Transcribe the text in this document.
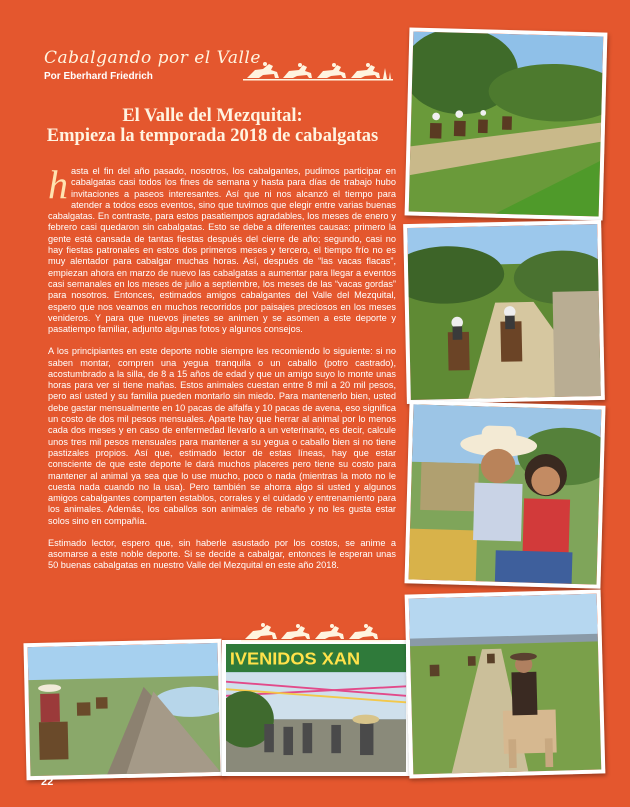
Cabalgando por el Valle
Por Eberhard Friedrich
El Valle del Mezquital:
Empieza la temporada 2018 de cabalgatas

hasta el fin del año pasado, nosotros, los cabalgantes, pudimos participar en cabalgatas casi todos los fines de semana y hasta para días de trabajo hubo invitaciones a paseos interesantes. Así que ni nos alcanzó el tiempo para atender a todos esos eventos, sino que tuvimos que elegir entre varias buenas cabalgatas. En contraste, para estos pasatiempos agradables, los meses de enero y febrero casi quedaron sin cabalgatas. Esto se debe a diferentes causas: primero la gente está cansada de tantas fiestas después del cierre de año; segundo, casi no hay fiestas patronales en estos dos primeros meses y tercero, el tiempo frío no es muy alentador para cabalgar muchas horas. Así, después de “las vacas flacas”, empiezan ahora en marzo de nuevo las cabalgatas a aumentar para llegar a eventos casi semanales en los meses de julio a septiembre, los meses de las “vacas gordas” para nosotros. Entonces, estimados amigos cabalgantes del Valle del Mezquital, espero que nos veamos en muchos recorridos por paisajes preciosos en los meses venideros. Y para que nuevos jinetes se animen y se asomen a este deporte y pasatiempo familiar, adjunto algunas fotos y algunos consejos.

A los principiantes en este deporte noble siempre les recomiendo lo siguiente: si no saben montar, compren una yegua tranquila o un caballo (potro castrado), acostumbrado a la silla, de 8 a 15 años de edad y que un amigo suyo lo monte unas horas para ver si tiene mañas. Estos animales cuestan entre 8 mil a 20 mil pesos, pero así usted y su familia pueden montarlo sin miedo. Para mantenerlo bien, usted debe gastar mensualmente en 10 pacas de alfalfa y 10 pacas de avena, eso significa un costo de dos mil pesos mensuales. Aparte hay que herrar al animal por lo menos cada dos meses y en caso de enfermedad llevarlo a un veterinario, es decir, calcule unos tres mil pesos mensuales para mantener a su yegua o caballo bien si no tiene pastizales propios. Así que, estimado lector de estas líneas, hay que estar consciente de que este deporte le dará muchos placeres pero tiene su costo para mantener al animal ya sea que lo use mucho, poco o nada (mientras la moto no le cuesta nada cuando no la usa). Pero también se ahorra algo si usted y algunos amigos cabalgantes comparten establos, corrales y el cuidado y entrenamiento para los animales. Además, los caballos son animales de rebaño y no les gusta estar solos sino en compañía.

Estimado lector, espero que, sin haberle asustado por los costos, se anime a asomarse a este noble deporte. Si se decide a cabalgar, entonces le esperan unas 50 buenas cabalgatas en nuestro Valle del Mezquital en este año 2018.

IVENIDOS XAN
22
